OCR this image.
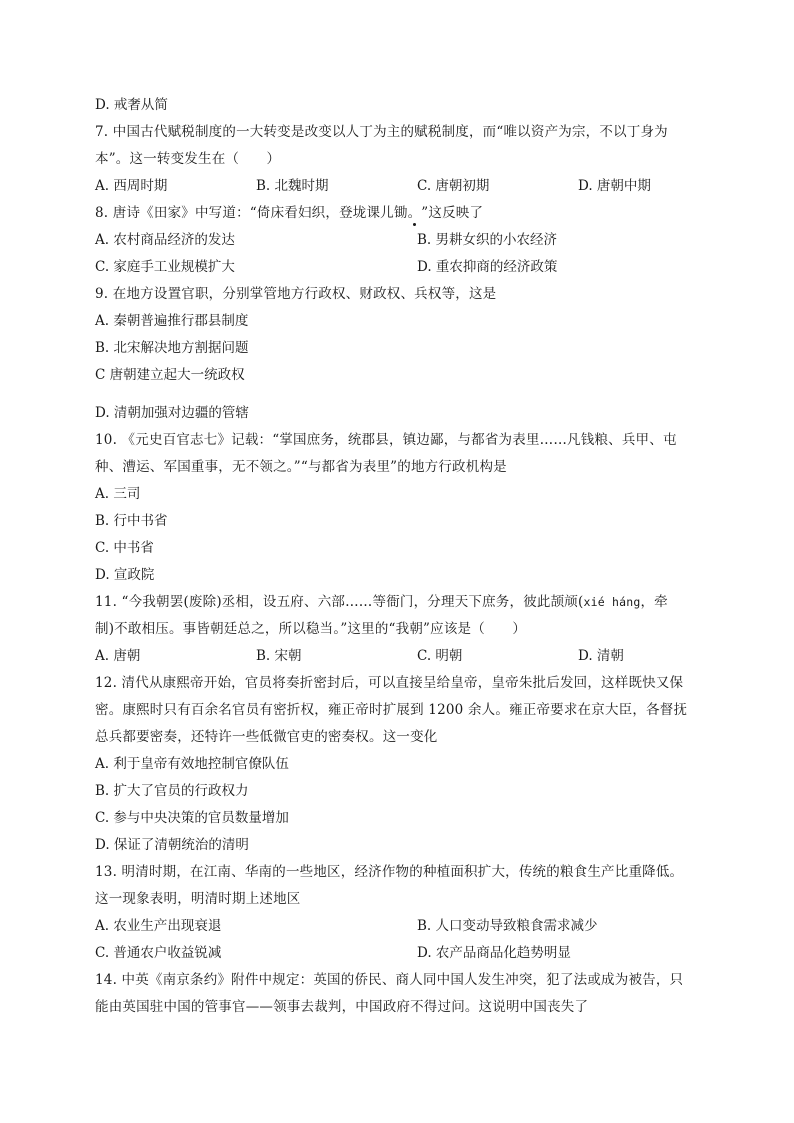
D. 戒奢从简
7. 中国古代赋税制度的一大转变是改变以人丁为主的赋税制度，而“唯以资产为宗，不以丁身为
本”。这一转变发生在（　　）
A. 西周时期	B. 北魏时期	C. 唐朝初期	D. 唐朝中期
8. 唐诗《田家》中写道：“倚床看妇织，登垅课儿锄。”这反映了
A. 农村商品经济的发达	B. 男耕女织的小农经济
C. 家庭手工业规模扩大	D. 重农抑商的经济政策
9. 在地方设置官职，分别掌管地方行政权、财政权、兵权等，这是
A. 秦朝普遍推行郡县制度
B. 北宋解决地方割据问题
C 唐朝建立起大一统政权
D. 清朝加强对边疆的管辖
10. 《元史百官志七》记载：“掌国庶务，统郡县，镇边鄙，与都省为表里……凡钱粮、兵甲、屯
种、漕运、军国重事，无不领之。”“与都省为表里”的地方行政机构是
A. 三司
B. 行中书省
C. 中书省
D. 宣政院
11. “今我朝罢(废除)丞相，设五府、六部……等衙门，分理天下庶务，彼此颉颃(xié háng，牵
制)不敢相压。事皆朝廷总之，所以稳当。”这里的“我朝”应该是（　　）
A. 唐朝	B. 宋朝	C. 明朝	D. 清朝
12. 清代从康熙帝开始，官员将奏折密封后，可以直接呈给皇帝，皇帝朱批后发回，这样既快又保
密。康熙时只有百余名官员有密折权，雍正帝时扩展到 1200 余人。雍正帝要求在京大臣，各督抚
总兵都要密奏，还特许一些低微官吏的密奏权。这一变化
A. 利于皇帝有效地控制官僚队伍
B. 扩大了官员的行政权力
C. 参与中央决策的官员数量增加
D. 保证了清朝统治的清明
13. 明清时期，在江南、华南的一些地区，经济作物的种植面积扩大，传统的粮食生产比重降低。
这一现象表明，明清时期上述地区
A. 农业生产出现衰退	B. 人口变动导致粮食需求减少
C. 普通农户收益锐减	D. 农产品商品化趋势明显
14. 中英《南京条约》附件中规定：英国的侨民、商人同中国人发生冲突，犯了法或成为被告，只
能由英国驻中国的管事官——领事去裁判，中国政府不得过问。这说明中国丧失了
